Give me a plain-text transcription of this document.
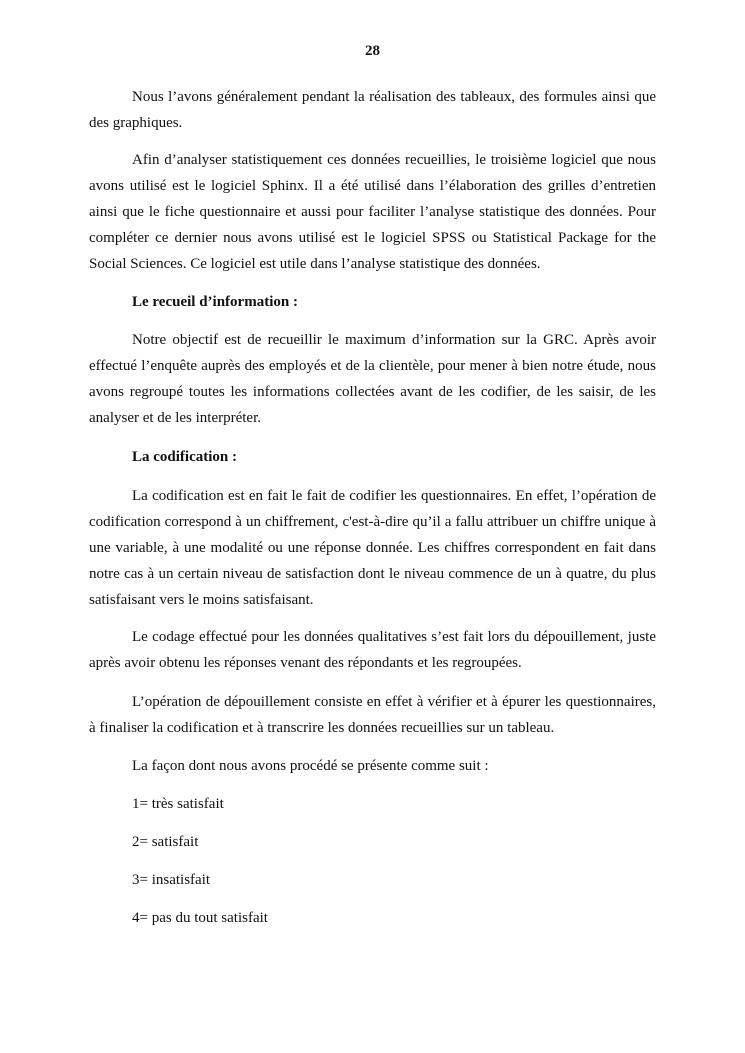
28

Nous l’avons généralement pendant la réalisation des tableaux, des formules ainsi que des graphiques.

Afin d’analyser statistiquement ces données recueillies, le troisième logiciel que nous avons utilisé est le logiciel Sphinx. Il a été utilisé dans l’élaboration des grilles d’entretien ainsi que le fiche questionnaire et aussi pour faciliter l’analyse statistique des données. Pour compléter ce dernier nous avons utilisé est le logiciel SPSS ou Statistical Package for the Social Sciences. Ce logiciel est utile dans l’analyse statistique des données.

Le recueil d’information :

Notre objectif est de recueillir le maximum d’information sur la GRC. Après avoir effectué l’enquête auprès des employés et de la clientèle, pour mener à bien notre étude, nous avons regroupé toutes les informations collectées avant de les codifier, de les saisir, de les analyser et de les interpréter.

La codification :

La codification est en fait le fait de codifier les questionnaires. En effet, l’opération de codification correspond à un chiffrement, c'est-à-dire qu’il a fallu attribuer un chiffre unique à une variable, à une modalité ou une réponse donnée. Les chiffres correspondent en fait dans notre cas à un certain niveau de satisfaction dont le niveau commence de un à quatre, du plus satisfaisant vers le moins satisfaisant.

Le codage effectué pour les données qualitatives s’est fait lors du dépouillement, juste après avoir obtenu les réponses venant des répondants et les regroupées.

L’opération de dépouillement consiste en effet à vérifier et à épurer les questionnaires, à finaliser la codification et à transcrire les données recueillies sur un tableau.

La façon dont nous avons procédé se présente comme suit :

1= très satisfait

2= satisfait

3= insatisfait

4= pas du tout satisfait
